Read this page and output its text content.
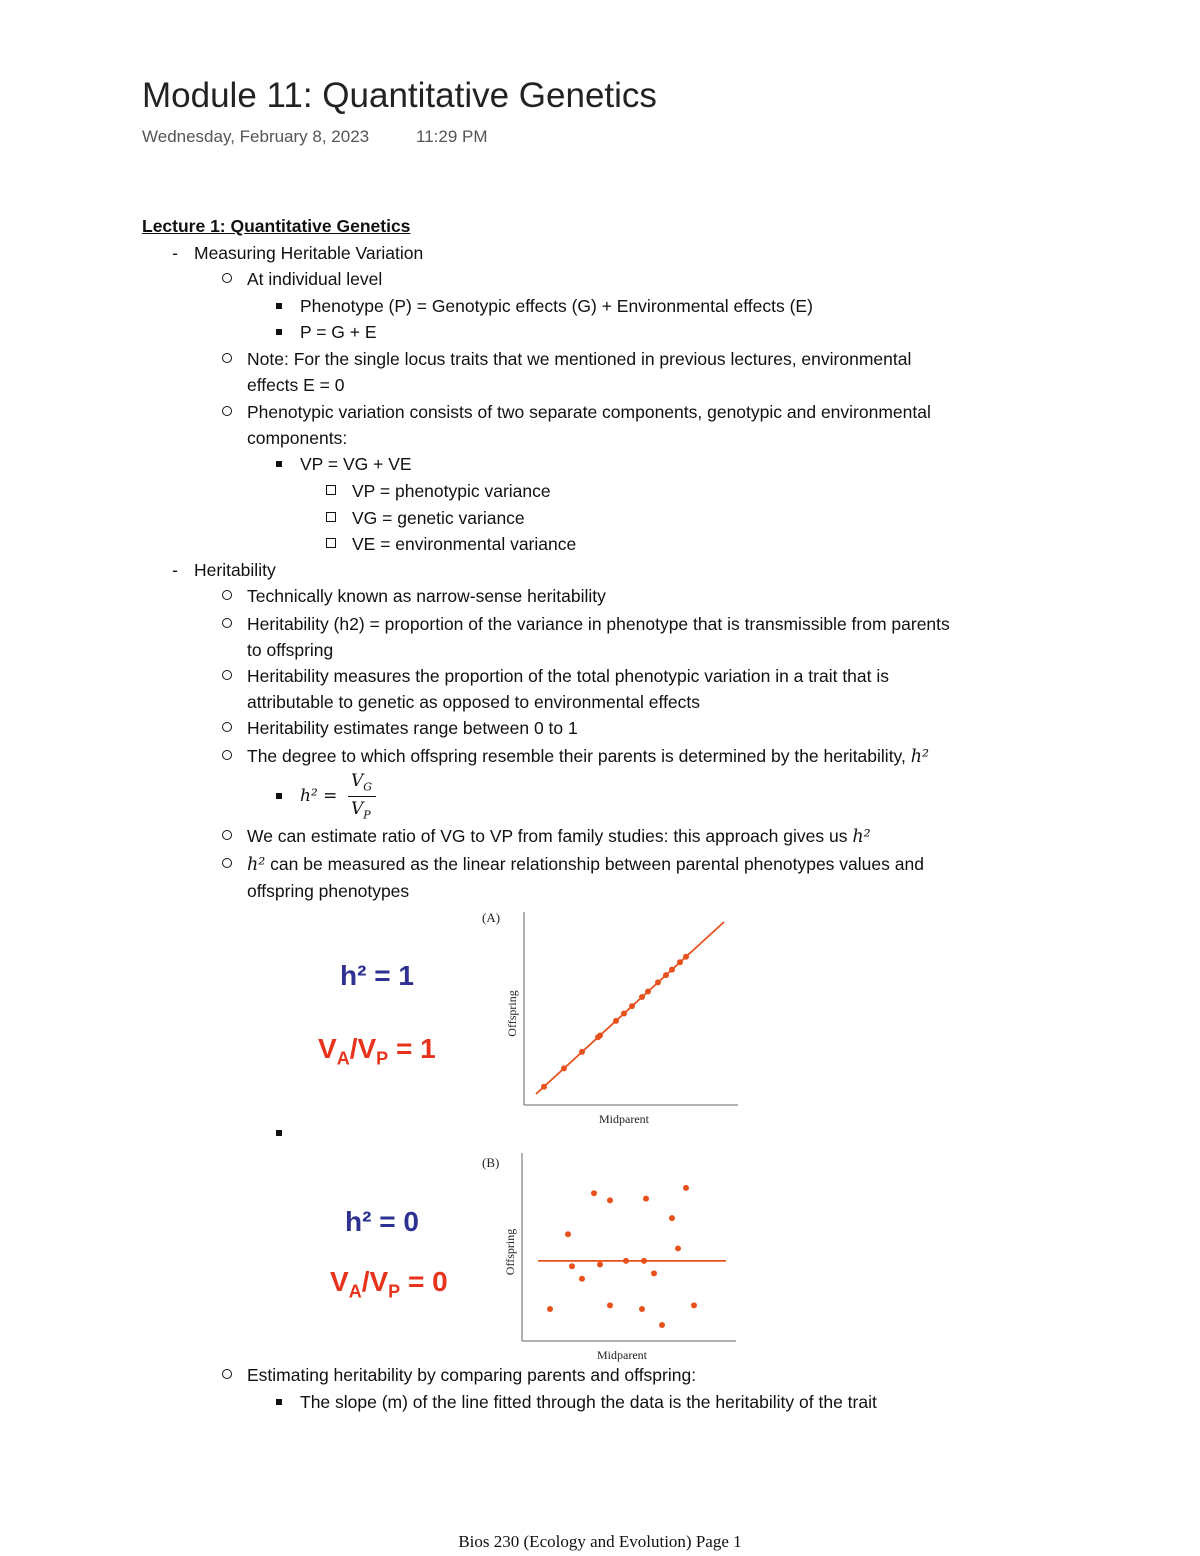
Module 11: Quantitative Genetics
Wednesday, February 8, 2023	11:29 PM
Lecture 1: Quantitative Genetics
- Measuring Heritable Variation
At individual level
Phenotype (P) = Genotypic effects (G) + Environmental effects (E)
P = G + E
Note: For the single locus traits that we mentioned in previous lectures, environmental
effects E = 0
Phenotypic variation consists of two separate components, genotypic and environmental
components:
VP = VG + VE
VP = phenotypic variance
VG = genetic variance
VE = environmental variance
- Heritability
Technically known as narrow-sense heritability
Heritability (h2) = proportion of the variance in phenotype that is transmissible from parents
to offspring
Heritability measures the proportion of the total phenotypic variation in a trait that is
attributable to genetic as opposed to environmental effects
Heritability estimates range between 0 to 1
The degree to which offspring resemble their parents is determined by the heritability, h²
h² =
$V_G$
$V_P$
We can estimate ratio of VG to VP from family studies: this approach gives us h²
h² can be measured as the linear relationship between parental phenotypes values and
offspring phenotypes
h² = 1
$V_A/V_P = 1$
(A)
Midparent
Offspring
h² = 0
$V_A/V_P = 0$
(B)
Midparent
Offspring
Estimating heritability by comparing parents and offspring:
The slope (m) of the line fitted through the data is the heritability of the trait
Bios 230 (Ecology and Evolution) Page 1
